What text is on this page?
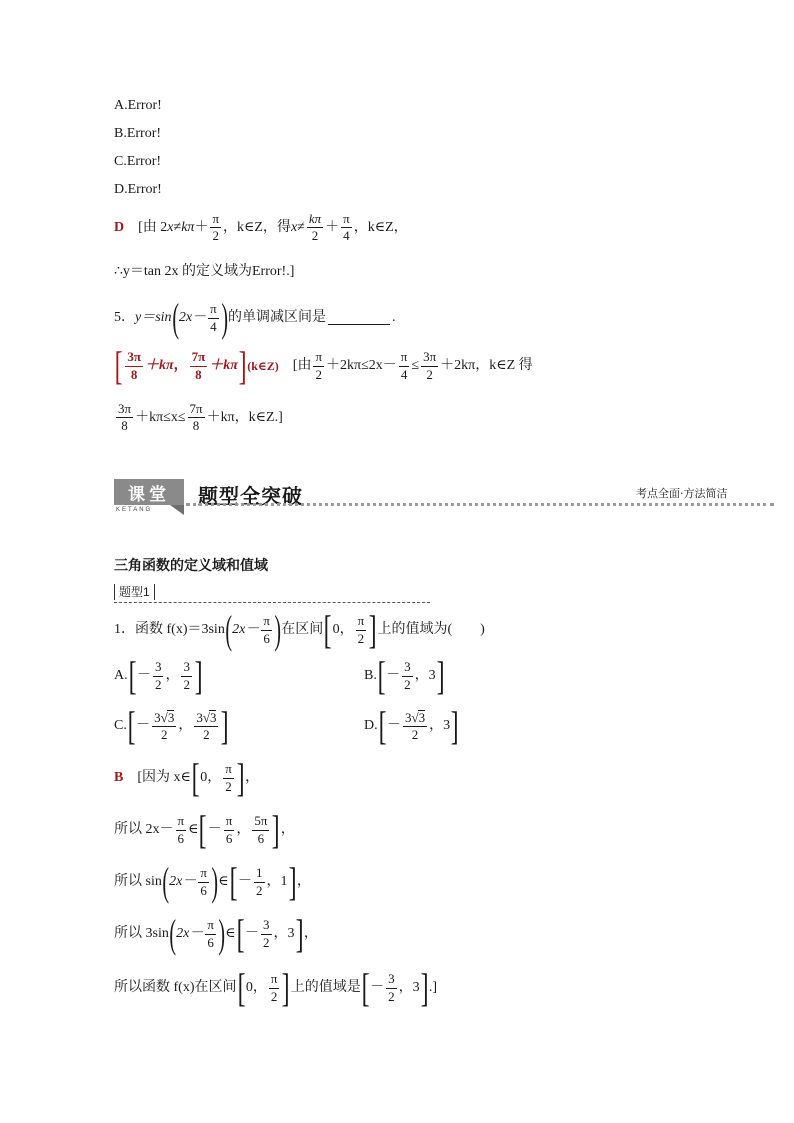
A .Error!
B .Error!
C .Error!
D .Error!
D [由 2 $x \ne k\pi + \frac{\pi}{2}$ ，k∈Z， 得 $x \ne \frac{k\pi}{2} + \frac{\pi}{4}$ ，k∈Z，
∴y＝tan 2x 的定义域为Error!.]
5． y＝sin ( $2x- \frac{\pi}{4}$ ) 的单调减区间是	.
[ $\frac{3\pi}{8} +k\pi$ ， $\frac{7\pi}{8} +k\pi$ ] (k∈Z) [由 $\frac{\pi}{2} +2k\pi\le 2x- \frac{\pi}{4} \le \frac{3\pi}{2} +2k\pi$，k∈Z 得
$\frac{3\pi}{8} +k\pi\le x\le \frac{7\pi}{8} +k\pi$，k∈Z.]
课堂
KETANG
题型全突破	考点全面·方法简洁
三角函数的定义域和值域
题型1
1． 函数 f(x)＝3sin ( $2x- \frac{\pi}{6}$ ) 在区间 [ 0， $\frac{\pi}{2}$ ] 上的值域为(　　)
A. [ － $\frac{3}{2}$ ， $\frac{3}{2}$ ]	B. [ － $\frac{3}{2}$ ， 3 ]
C. [ － $\frac{3√3}{2}$ ， $\frac{3√3}{2}$ ]	D. [ － $\frac{3√3}{2}$ ， 3 ]
B [因为 x∈ [ 0， $\frac{\pi}{2}$ ] ，
所以 $2x- \frac{\pi}{6}$ ∈ [ － $\frac{\pi}{6}$ ， $\frac{5\pi}{6}$ ] ，
所以 sin ( $2x- \frac{\pi}{6}$ ) ∈ [ － $\frac{1}{2}$ ， 1 ] ，
所以 3sin ( $2x- \frac{\pi}{6}$ ) ∈ [ － $\frac{3}{2}$ ， 3 ] ，
所以函数 f(x)在区间 [ 0， $\frac{\pi}{2}$ ] 上的值域是 [ － $\frac{3}{2}$ ， 3 ] .]
